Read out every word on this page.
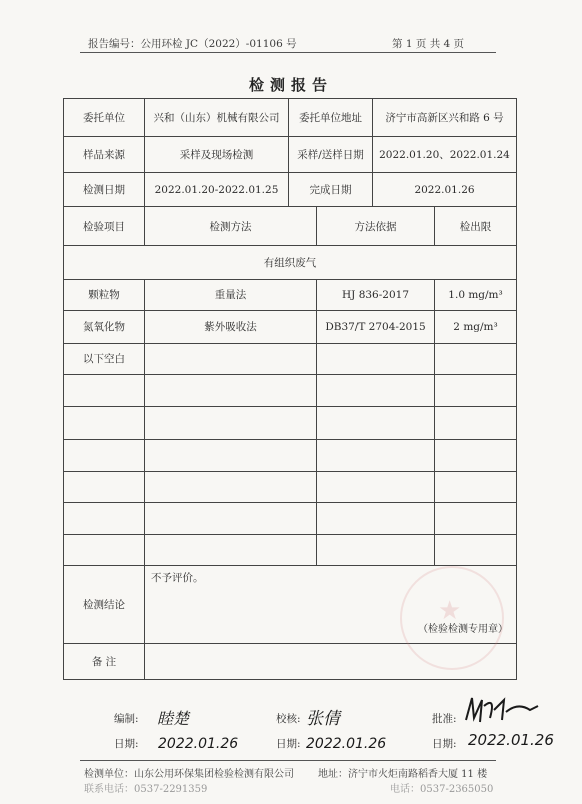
报告编号：公用环检 JC（2022）-01106 号	第 1 页 共 4 页
检测报告
委托单位	兴和（山东）机械有限公司	委托单位地址		济宁市高新区兴和路 6 号	
样品来源	采样及现场检测	采样/送样日期		2022.01.20、2022.01.24	
检测日期	2022.01.20-2022.01.25	完成日期		2022.01.26	
检验项目	检测方法		方法依据		检出限
有组织废气					
颗粒物	重量法		HJ 836-2017		1.0 mg/m³
氮氧化物	紫外吸收法		DB37/T 2704-2015		2 mg/m³
以下空白					

检测结论	不予评价。
（检验检测专用章）				

备 注					
★
编制: 睦楚
日期: 2022.01.26
校核: 张倩
日期: 2022.01.26
批准:
日期: 2022.01.26
检测单位：山东公用环保集团检验检测有限公司 地址：济宁市火炬南路稻香大厦 11 楼
联系电话：0537-2291359	电话：0537-2365050
